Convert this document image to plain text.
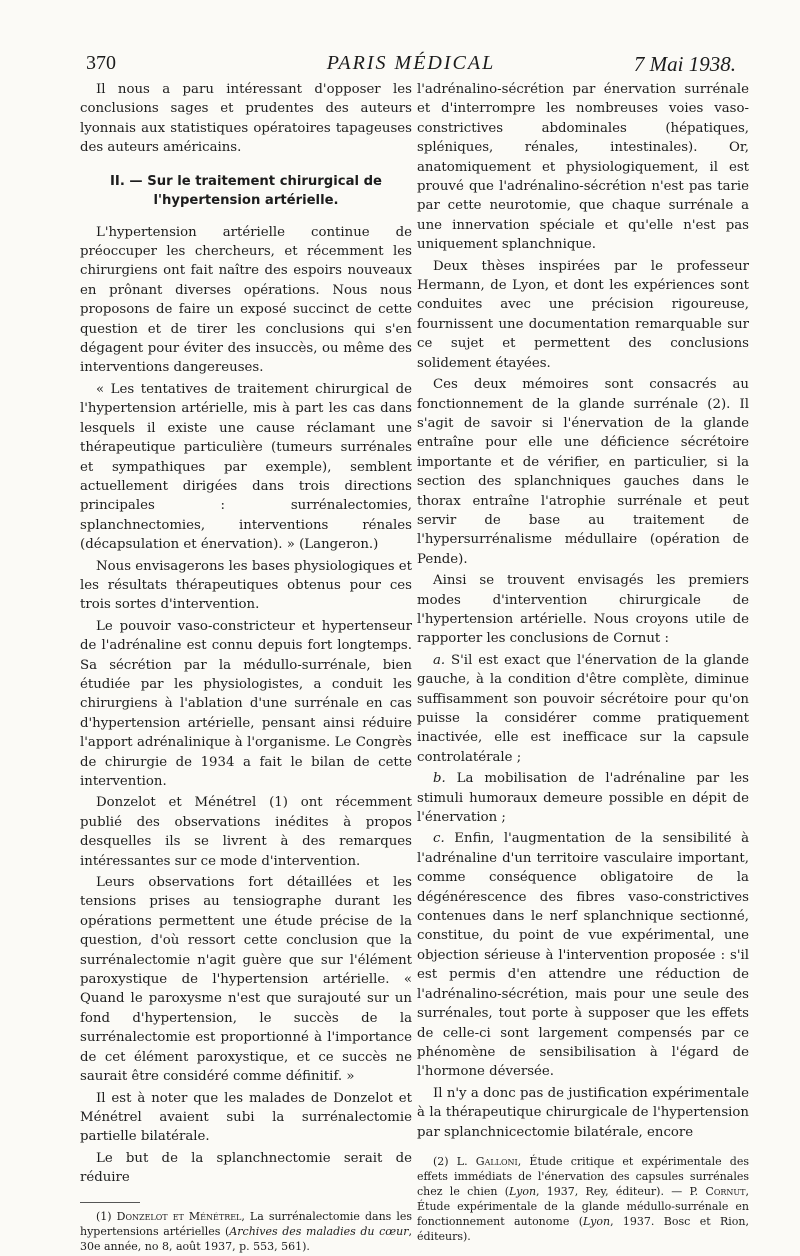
370	PARIS MÉDICAL	7 Mai 1938.

Il nous a paru intéressant d'opposer les conclusions sages et prudentes des auteurs lyonnais aux statistiques opératoires tapageuses des auteurs américains.

II. — Sur le traitement chirurgical de l'hypertension artérielle.

L'hypertension artérielle continue de préoccuper les chercheurs, et récemment les chirurgiens ont fait naître des espoirs nouveaux en prônant diverses opérations. Nous nous proposons de faire un exposé succinct de cette question et de tirer les conclusions qui s'en dégagent pour éviter des insuccès, ou même des interventions dangereuses.

« Les tentatives de traitement chirurgical de l'hypertension artérielle, mis à part les cas dans lesquels il existe une cause réclamant une thérapeutique particulière (tumeurs surrénales et sympathiques par exemple), semblent actuellement dirigées dans trois directions principales : surrénalectomies, splanchnectomies, interventions rénales (décapsulation et énervation). » (Langeron.)

Nous envisagerons les bases physiologiques et les résultats thérapeutiques obtenus pour ces trois sortes d'intervention.

Le pouvoir vaso-constricteur et hypertenseur de l'adrénaline est connu depuis fort longtemps. Sa sécrétion par la médullo-surrénale, bien étudiée par les physiologistes, a conduit les chirurgiens à l'ablation d'une surrénale en cas d'hypertension artérielle, pensant ainsi réduire l'apport adrénalinique à l'organisme. Le Congrès de chirurgie de 1934 a fait le bilan de cette intervention.

Donzelot et Ménétrel (1) ont récemment publié des observations inédites à propos desquelles ils se livrent à des remarques intéressantes sur ce mode d'intervention.

Leurs observations fort détaillées et les tensions prises au tensiographe durant les opérations permettent une étude précise de la question, d'où ressort cette conclusion que la surrénalectomie n'agit guère que sur l'élément paroxystique de l'hypertension artérielle. « Quand le paroxysme n'est que surajouté sur un fond d'hypertension, le succès de la surrénalectomie est proportionné à l'importance de cet élément paroxystique, et ce succès ne saurait être considéré comme définitif. »

Il est à noter que les malades de Donzelot et Ménétrel avaient subi la surrénalectomie partielle bilatérale.

Le but de la splanchnectomie serait de réduire

(1) Donzelot et Ménétrel, La surrénalectomie dans les hypertensions artérielles (Archives des maladies du cœur, 30e année, no 8, août 1937, p. 553, 561).

l'adrénalino-sécrétion par énervation surrénale et d'interrompre les nombreuses voies vaso-constrictives abdominales (hépatiques, spléniques, rénales, intestinales). Or, anatomiquement et physiologiquement, il est prouvé que l'adrénalino-sécrétion n'est pas tarie par cette neurotomie, que chaque surrénale a une innervation spéciale et qu'elle n'est pas uniquement splanchnique.

Deux thèses inspirées par le professeur Hermann, de Lyon, et dont les expériences sont conduites avec une précision rigoureuse, fournissent une documentation remarquable sur ce sujet et permettent des conclusions solidement étayées.

Ces deux mémoires sont consacrés au fonctionnement de la glande surrénale (2). Il s'agit de savoir si l'énervation de la glande entraîne pour elle une déficience sécrétoire importante et de vérifier, en particulier, si la section des splanchniques gauches dans le thorax entraîne l'atrophie surrénale et peut servir de base au traitement de l'hypersurrénalisme médullaire (opération de Pende).

Ainsi se trouvent envisagés les premiers modes d'intervention chirurgicale de l'hypertension artérielle. Nous croyons utile de rapporter les conclusions de Cornut :

a. S'il est exact que l'énervation de la glande gauche, à la condition d'être complète, diminue suffisamment son pouvoir sécrétoire pour qu'on puisse la considérer comme pratiquement inactivée, elle est inefficace sur la capsule controlatérale ;

b. La mobilisation de l'adrénaline par les stimuli humoraux demeure possible en dépit de l'énervation ;

c. Enfin, l'augmentation de la sensibilité à l'adrénaline d'un territoire vasculaire important, comme conséquence obligatoire de la dégénérescence des fibres vaso-constrictives contenues dans le nerf splanchnique sectionné, constitue, du point de vue expérimental, une objection sérieuse à l'intervention proposée : s'il est permis d'en attendre une réduction de l'adrénalino-sécrétion, mais pour une seule des surrénales, tout porte à supposer que les effets de celle-ci sont largement compensés par ce phénomène de sensibilisation à l'égard de l'hormone déversée.

Il n'y a donc pas de justification expérimentale à la thérapeutique chirurgicale de l'hypertension par splanchnicectomie bilatérale, encore

(2) L. Galloni, Étude critique et expérimentale des effets immédiats de l'énervation des capsules surrénales chez le chien (Lyon, 1937, Rey, éditeur). — P. Cornut, Étude expérimentale de la glande médullo-surrénale en fonctionnement autonome (Lyon, 1937. Bosc et Rion, éditeurs).
